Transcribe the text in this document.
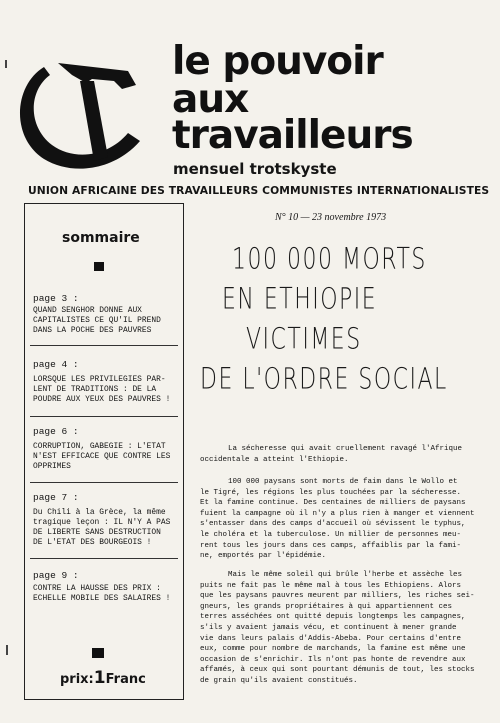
le pouvoir
aux
travailleurs
mensuel trotskyste
UNION AFRICAINE DES TRAVAILLEURS COMMUNISTES INTERNATIONALISTES
sommaire
page 3 :
QUAND SENGHOR DONNE AUX
CAPITALISTES CE QU'IL PREND
DANS LA POCHE DES PAUVRES
page 4 :
LORSQUE LES PRIVILEGIES PAR-
LENT DE TRADITIONS : DE LA
POUDRE AUX YEUX DES PAUVRES !
page 6 :
CORRUPTION, GABEGIE : L'ETAT
N'EST EFFICACE QUE CONTRE LES
OPPRIMES
page 7 :
Du Chili à la Grèce, la même
tragique leçon : IL N'Y A PAS
DE LIBERTE SANS DESTRUCTION
DE L'ETAT DES BOURGEOIS !
page 9 :
CONTRE LA HAUSSE DES PRIX :
ECHELLE MOBILE DES SALAIRES !
prix:1Franc
N° 10 — 23 novembre 1973
100 000 MORTS
EN ETHIOPIE
VICTIMES
DE L'ORDRE SOCIAL
La sécheresse qui avait cruellement ravagé l'Afrique
occidentale a atteint l'Ethiopie.
100 000 paysans sont morts de faim dans le Wollo et
le Tigré, les régions les plus touchées par la sécheresse.
Et la famine continue. Des centaines de milliers de paysans
fuient la campagne où il n'y a plus rien à manger et viennent
s'entasser dans des camps d'accueil où sévissent le typhus,
le choléra et la tuberculose. Un millier de personnes meu-
rent tous les jours dans ces camps, affaiblis par la fami-
ne, emportés par l'épidémie.
Mais le même soleil qui brûle l'herbe et assèche les
puits ne fait pas le même mal à tous les Ethiopiens. Alors
que les paysans pauvres meurent par milliers, les riches sei-
gneurs, les grands propriétaires à qui appartiennent ces
terres asséchées ont quitté depuis longtemps les campagnes,
s'ils y avaient jamais vécu, et continuent à mener grande
vie dans leurs palais d'Addis-Abeba. Pour certains d'entre
eux, comme pour nombre de marchands, la famine est même une
occasion de s'enrichir. Ils n'ont pas honte de revendre aux
affamés, à ceux qui sont pourtant démunis de tout, les stocks
de grain qu'ils avaient constitués.
